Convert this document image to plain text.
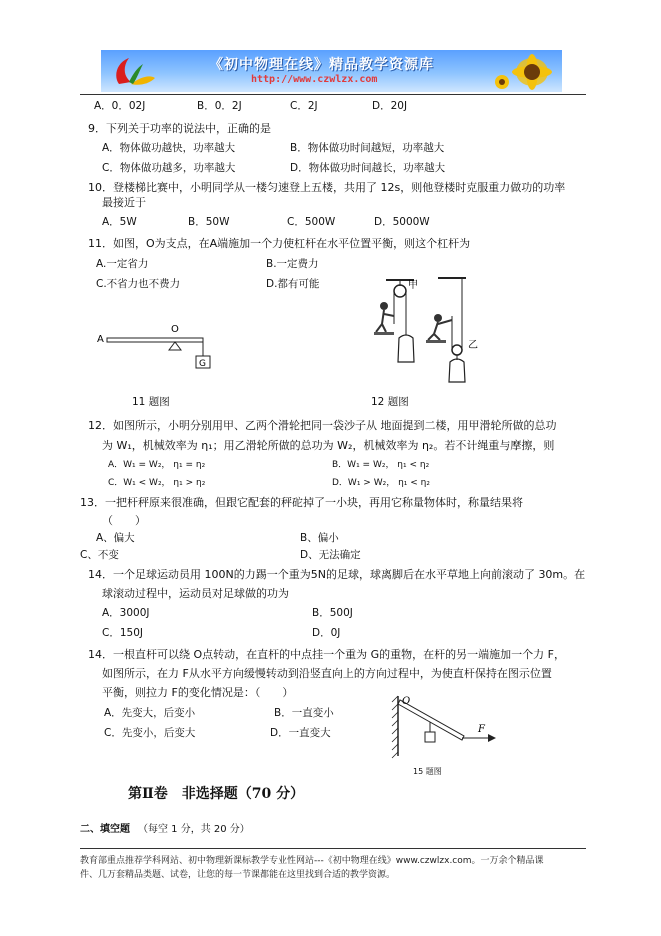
《初中物理在线》精品教学资源库
http://www.czwlzx.com
A．0．02J	B．0．2J	C．2J	D．20J
9．下列关于功率的说法中，正确的是
A．物体做功越快，功率越大	B．物体做功时间越短，功率越大
C．物体做功越多，功率越大	D．物体做功时间越长，功率越大
10．登楼梯比赛中，小明同学从一楼匀速登上五楼，共用了 12s，则他登楼时克服重力做功的功率
最接近于
A．5W	B．50W	C．500W	D．5000W
11．如图，O为支点，在A端施加一个力使杠杆在水平位置平衡，则这个杠杆为
A.一定省力	B.一定费力
C.不省力也不费力	D.都有可能
A
O
G
11 题图
甲
乙
12 题图
12．如图所示，小明分别用甲、乙两个滑轮把同一袋沙子从 地面提到二楼，用甲滑轮所做的总功
为 W₁，机械效率为 η₁；用乙滑轮所做的总功为 W₂，机械效率为 η₂。若不计绳重与摩擦，则
A．W₁ = W₂， η₁ = η₂	B．W₁ = W₂， η₁ < η₂
C．W₁ < W₂， η₁ > η₂	D．W₁ > W₂， η₁ < η₂
13．一把杆秤原来很准确，但跟它配套的秤砣掉了一小块，再用它称量物体时，称量结果将
（　　）
A、偏大	B、偏小
C、不变	D、无法确定
14．一个足球运动员用 100N的力踢一个重为5N的足球，球离脚后在水平草地上向前滚动了 30m。在
球滚动过程中，运动员对足球做的功为
A．3000J	B．500J
C．150J	D．0J
14．一根直杆可以绕 O点转动，在直杆的中点挂一个重为 G的重物，在杆的另一端施加一个力 F，
如图所示，在力 F从水平方向缓慢转动到沿竖直向上的方向过程中，为使直杆保持在图示位置
平衡，则拉力 F的变化情况是：（　　）
A．先变大，后变小	B．一直变小
C．先变小，后变大	D．一直变大
O
F
15 题图
第Ⅱ卷　非选择题（70 分）
二、填空题 （每空 1 分，共 20 分）
教育部重点推荐学科网站、初中物理新课标教学专业性网站---《初中物理在线》www.czwlzx.com。一万余个精品课
件、几万套精品类题、试卷，让您的每一节课都能在这里找到合适的教学资源。
